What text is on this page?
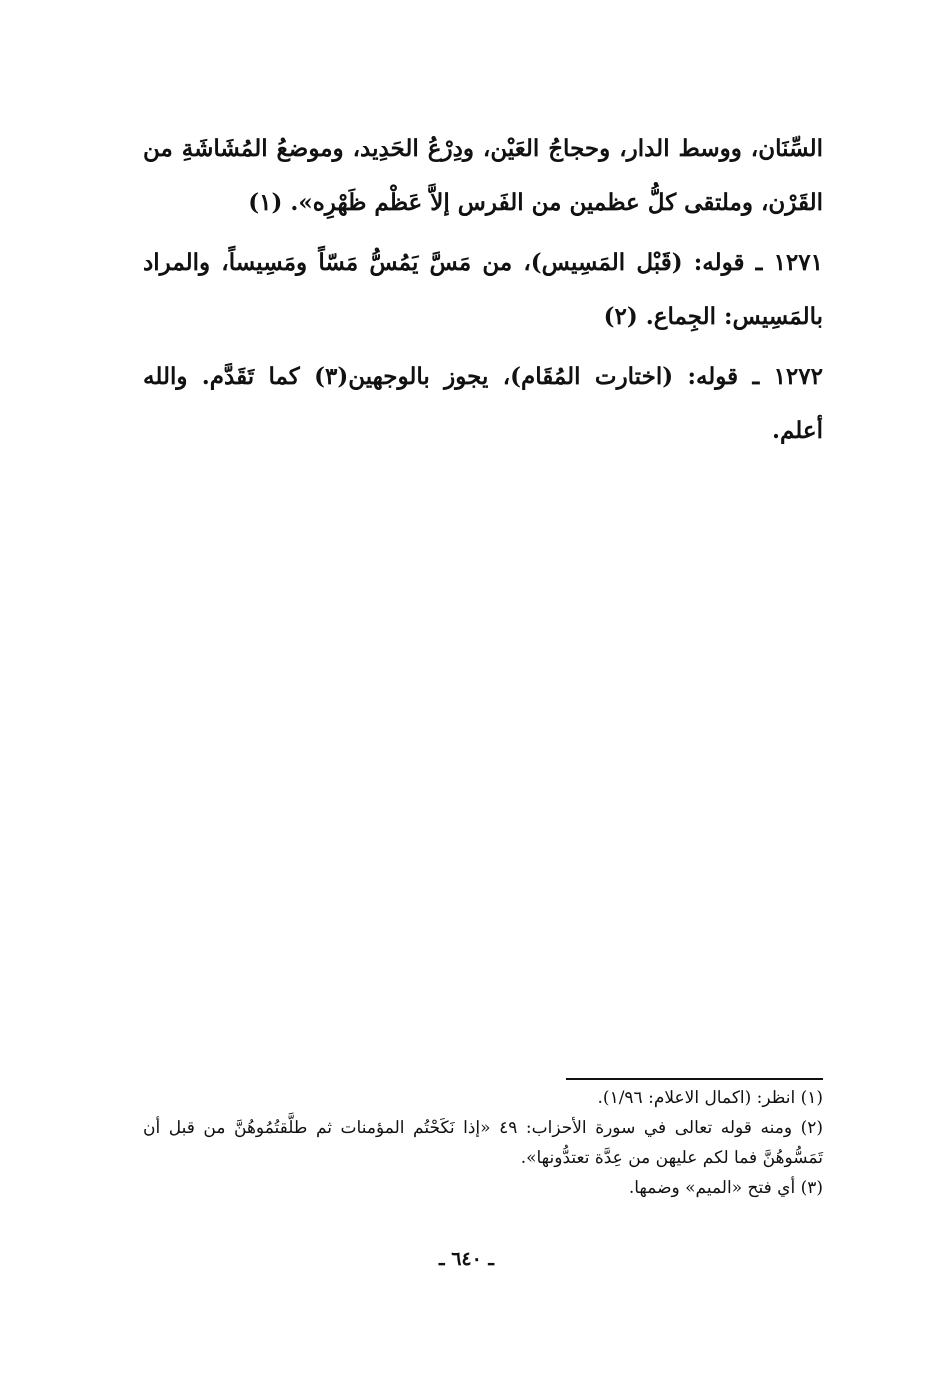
السِّنَان، ووسط الدار، وحجاجُ العَيْن، ودِرْعُ الحَدِيد، وموضعُ المُشَاشَةِ من القَرْن، وملتقى كلُّ عظمين من الفَرس إلاَّ عَظْم ظَهْرِه». (١)

١٢٧١ ـ قوله: (قَبْل المَسِيس)، من مَسَّ يَمُسُّ مَسّاً ومَسِيساً، والمراد بالمَسِيس: الجِماع. (٢)

١٢٧٢ ـ قوله: (اختارت المُقَام)، يجوز بالوجهين(٣) كما تَقَدَّم. والله أعلم.

(١) انظر: (اكمال الاعلام: ١/٩٦).

(٢) ومنه قوله تعالى في سورة الأحزاب: ٤٩ «إذا نَكَحْتُم المؤمنات ثم طلَّقتُمُوهُنَّ من قبل أن تَمَسُّوهُنَّ فما لكم عليهن من عِدَّة تعتدُّونها».

(٣) أي فتح «الميم» وضمها.

ـ ٦٤٠ ـ
